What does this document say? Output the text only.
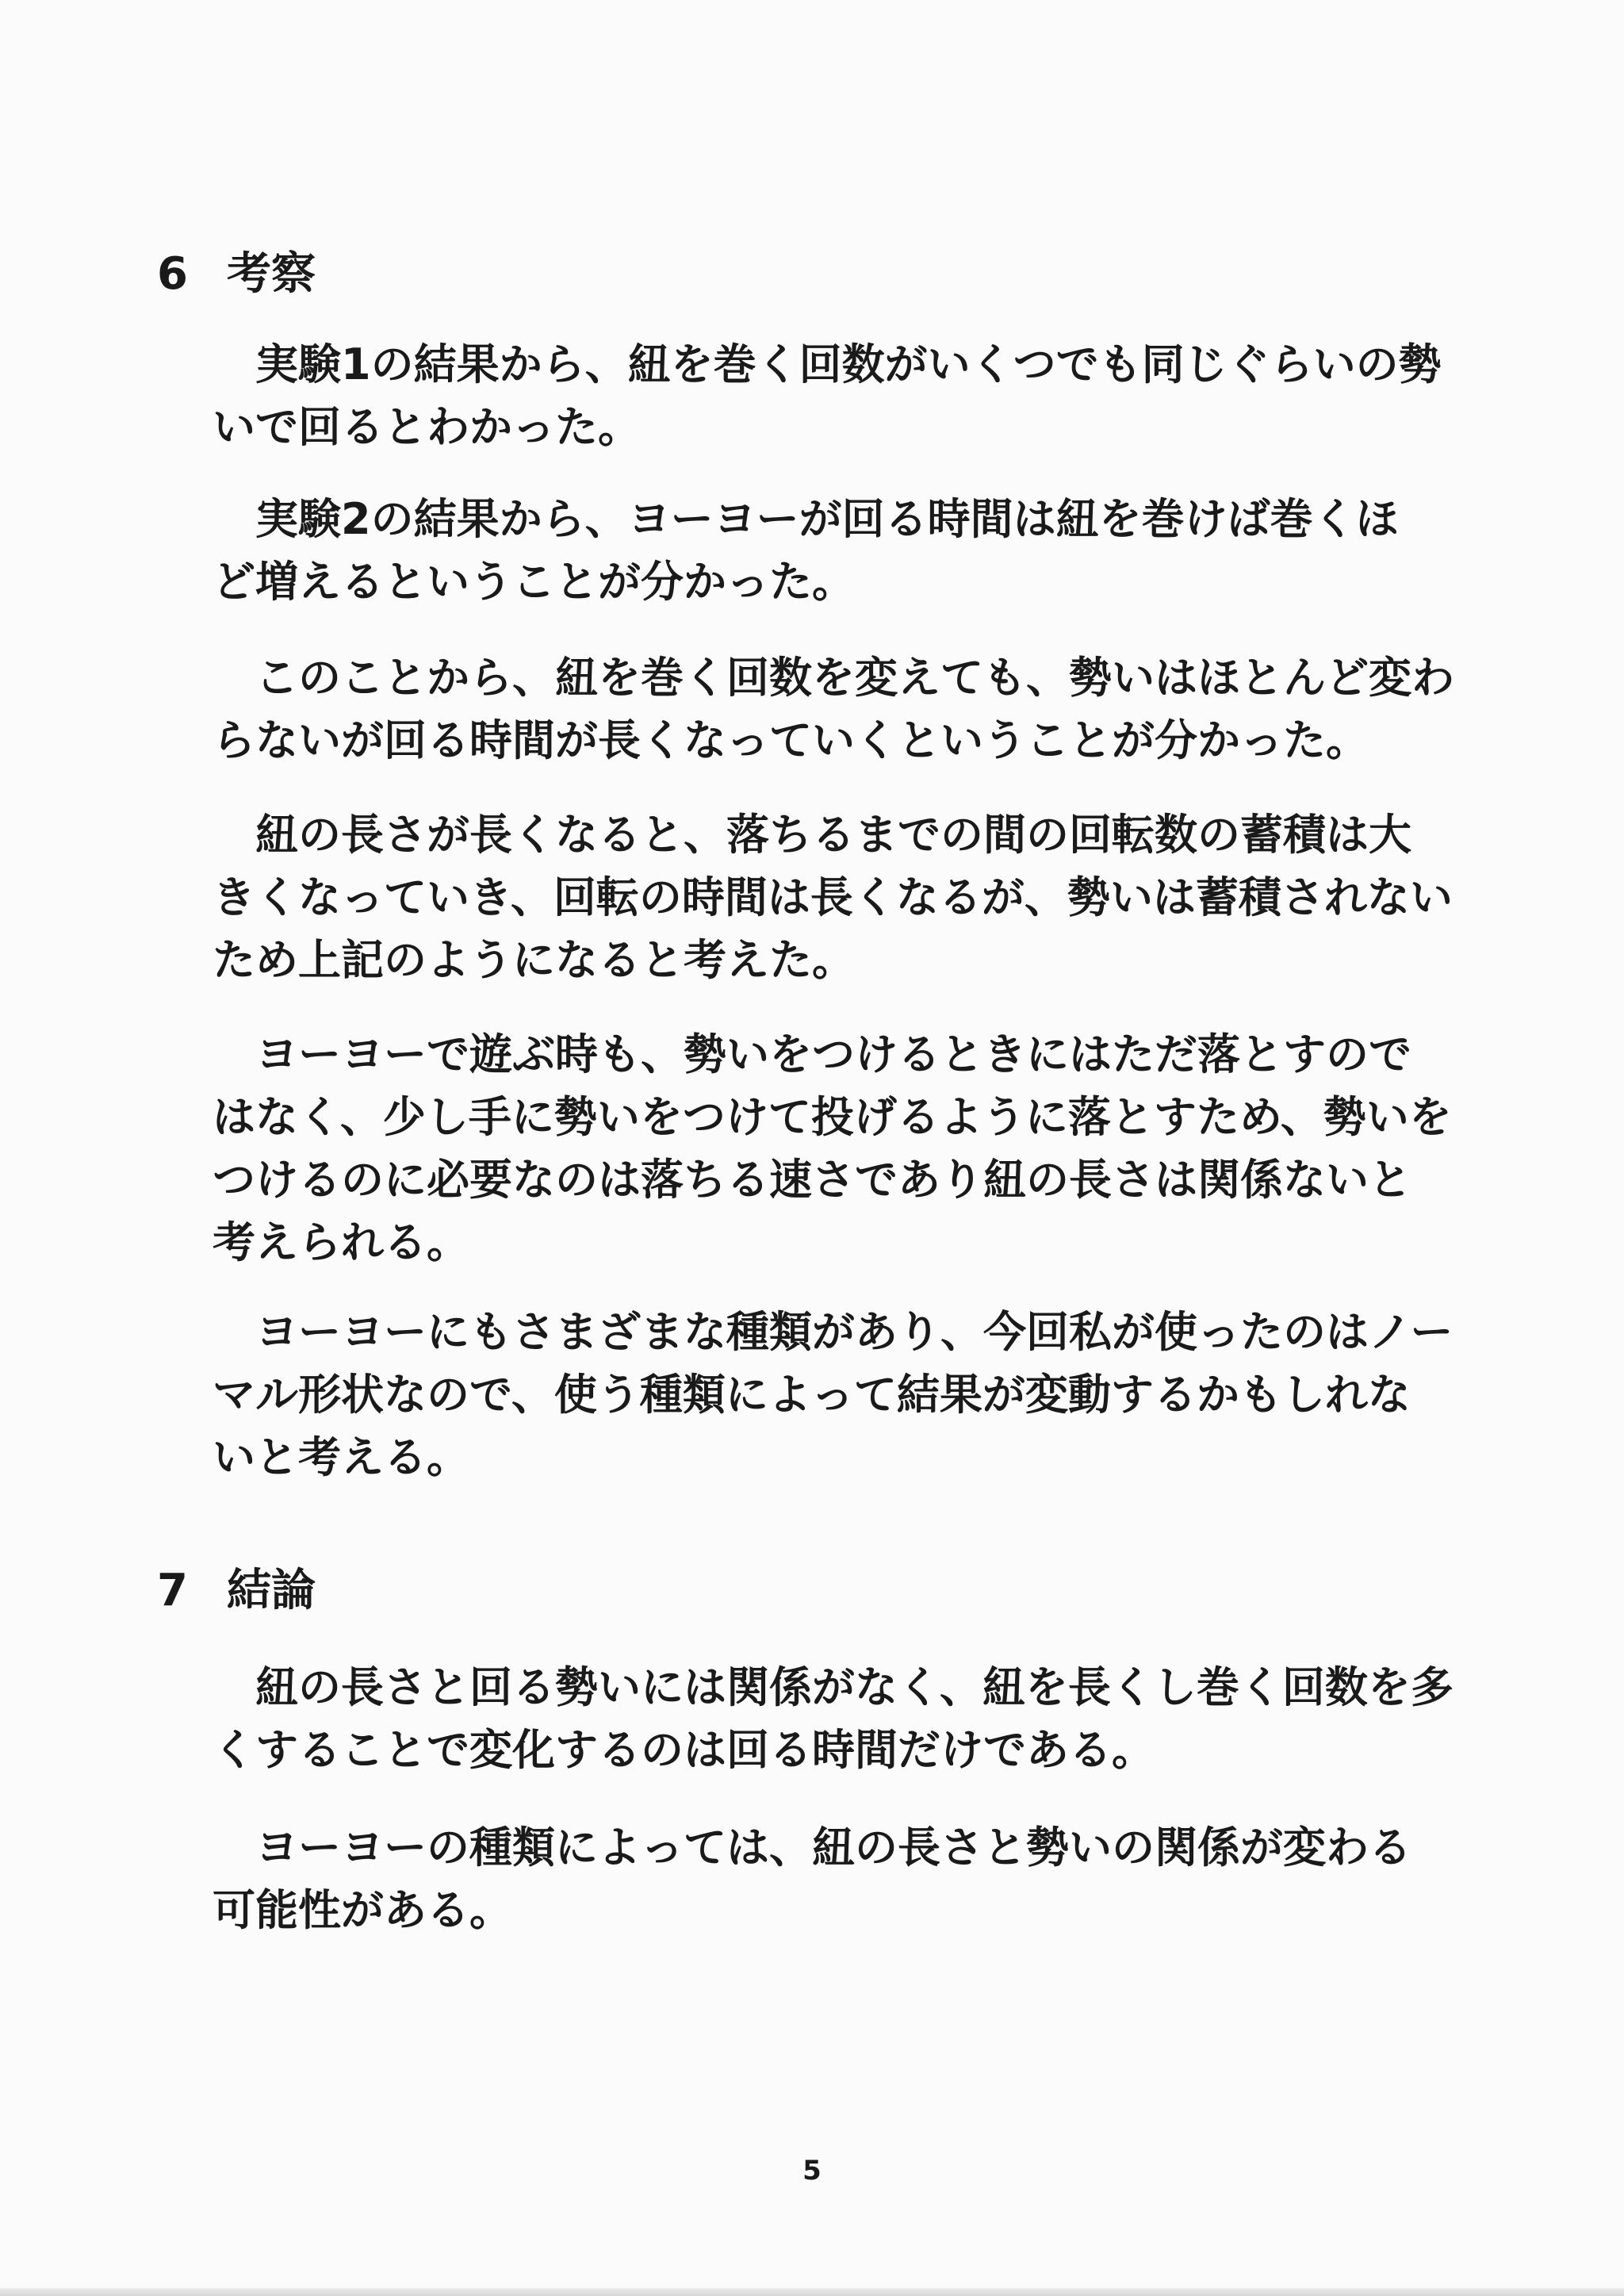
6 考察
　実験1の結果から、紐を巻く回数がいくつでも同じぐらいの勢
いで回るとわかった。
　実験2の結果から、ヨーヨーが回る時間は紐を巻けば巻くほ
ど増えるということが分かった。
　このことから、紐を巻く回数を変えても、勢いはほとんど変わ
らないが回る時間が長くなっていくということが分かった。
　紐の長さが長くなると、落ちるまでの間の回転数の蓄積は大
きくなっていき、回転の時間は長くなるが、勢いは蓄積されない
ため上記のようになると考えた。
　ヨーヨーで遊ぶ時も、勢いをつけるときにはただ落とすので
はなく、少し手に勢いをつけて投げるように落とすため、勢いを
つけるのに必要なのは落ちる速さであり紐の長さは関係ないと
考えられる。
　ヨーヨーにもさまざまな種類があり、今回私が使ったのはノー
マル形状なので、使う種類によって結果が変動するかもしれな
いと考える。
7 結論
　紐の長さと回る勢いには関係がなく、紐を長くし巻く回数を多
くすることで変化するのは回る時間だけである。
　ヨーヨーの種類によっては、紐の長さと勢いの関係が変わる
可能性がある。
5
